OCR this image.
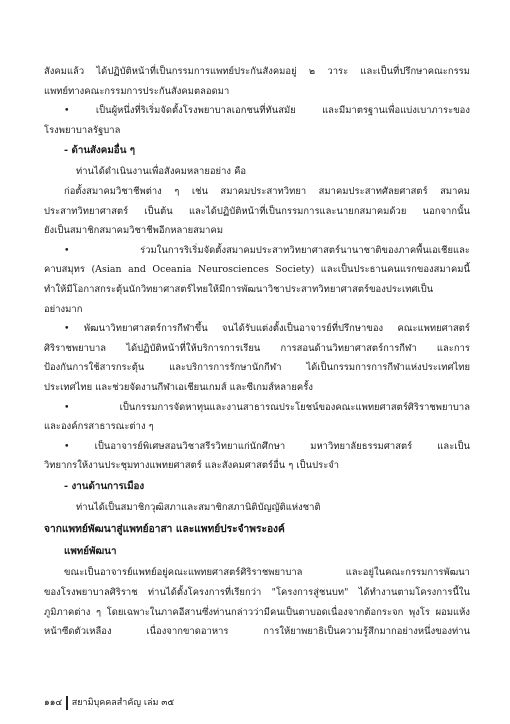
สังคมแล้ว ได้ปฏิบัติหน้าที่เป็นกรรมการแพทย์ประกันสังคมอยู่ ๒ วาระ และเป็นที่ปรึกษาคณะกรรม
แพทย์ทางคณะกรรมการประกันสังคมตลอดมา
• เป็นผู้หนึ่งที่ริเริ่มจัดตั้งโรงพยาบาลเอกชนที่ทันสมัย และมีมาตรฐานเพื่อแบ่งเบาภาระของ
โรงพยาบาลรัฐบาล
- ด้านสังคมอื่น ๆ
ท่านได้ดำเนินงานเพื่อสังคมหลายอย่าง คือ
ก่อตั้งสมาคมวิชาชีพต่าง ๆ เช่น สมาคมประสาทวิทยา สมาคมประสาทศัลยศาสตร์ สมาคม
ประสาทวิทยาศาสตร์ เป็นต้น และได้ปฏิบัติหน้าที่เป็นกรรมการและนายกสมาคมด้วย นอกจากนั้น
ยังเป็นสมาชิกสมาคมวิชาชีพอีกหลายสมาคม
• ร่วมในการริเริ่มจัดตั้งสมาคมประสาทวิทยาศาสตร์นานาชาติของภาคพื้นเอเชียและ
คาบสมุทร (Asian and Oceania Neurosciences Society) และเป็นประธานคนแรกของสมาคมนี้
ทำให้มีโอกาสกระตุ้นนักวิทยาศาสตร์ไทยให้มีการพัฒนาวิชาประสาทวิทยาศาสตร์ของประเทศเป็น
อย่างมาก
• พัฒนาวิทยาศาสตร์การกีฬาขึ้น จนได้รับแต่งตั้งเป็นอาจารย์ที่ปรึกษาของ คณะแพทยศาสตร์
ศิริราชพยาบาล ได้ปฏิบัติหน้าที่ให้บริการการเรียน การสอนด้านวิทยาศาสตร์การกีฬา และการ
ป้องกันการใช้สารกระตุ้น และบริการการรักษานักกีฬา ได้เป็นกรรมการการกีฬาแห่งประเทศไทย
ประเทศไทย และช่วยจัดงานกีฬาเอเชียนเกมส์ และซีเกมส์หลายครั้ง
• เป็นกรรมการจัดหาทุนและงานสาธารณประโยชน์ของคณะแพทยศาสตร์ศิริราชพยาบาล
และองค์กรสาธารณะต่าง ๆ
• เป็นอาจารย์พิเศษสอนวิชาสรีรวิทยาแก่นักศึกษา มหาวิทยาลัยธรรมศาสตร์ และเป็น
วิทยากรให้งานประชุมทางแพทยศาสตร์ และสังคมศาสตร์อื่น ๆ เป็นประจำ
- งานด้านการเมือง
ท่านได้เป็นสมาชิกวุฒิสภาและสมาชิกสภานิติบัญญัติแห่งชาติ
จากแพทย์พัฒนาสู่แพทย์อาสา และแพทย์ประจำพระองค์
แพทย์พัฒนา
ขณะเป็นอาจารย์แพทย์อยู่คณะแพทยศาสตร์ศิริราชพยาบาล และอยู่ในคณะกรรมการพัฒนา
ของโรงพยาบาลศิริราช ท่านได้ตั้งโครงการที่เรียกว่า "โครงการสู่ชนบท" ได้ทำงานตามโครงการนี้ใน
ภูมิภาคต่าง ๆ โดยเฉพาะในภาคอีสานซึ่งท่านกล่าวว่ามีคนเป็นตาบอดเนื่องจากต้อกระจก พุงโร ผอมแห้ง
หน้าซีดตัวเหลือง เนื่องจากขาดอาหาร การให้ยาพยาธิเป็นความรู้สึกมากอย่างหนึ่งของท่าน
๑๑๔ สยามิบุคคลสำคัญ เล่ม ๓๕
